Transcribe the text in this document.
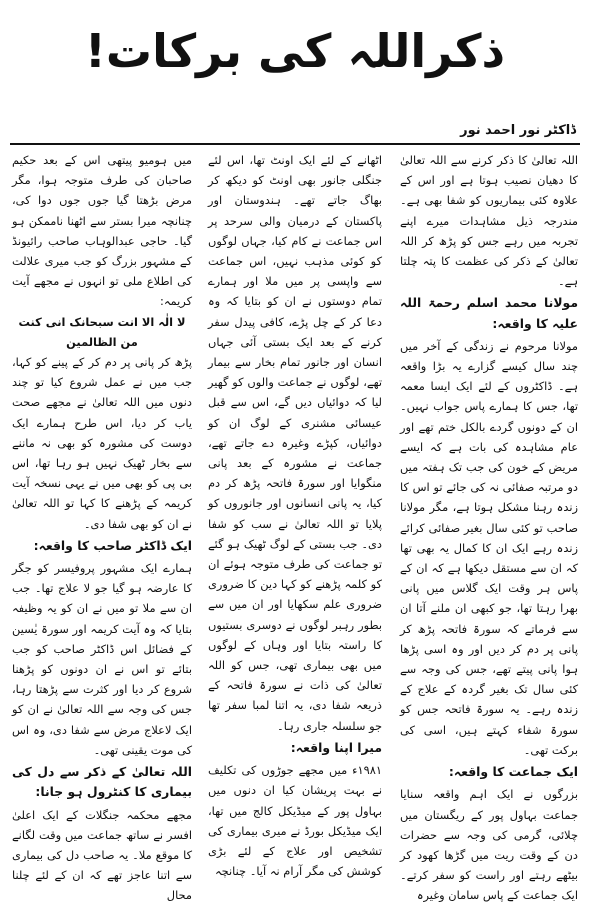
ذکراللہ کی برکات!
ڈاکٹر نور احمد نور

اللہ تعالیٰ کا ذکر کرنے سے اللہ تعالیٰ کا دھیان نصیب ہوتا ہے اور اس کے علاوہ کئی بیماریوں کو شفا بھی ہے۔ مندرجہ ذیل مشاہدات میرے اپنے تجربہ میں رہے جس کو پڑھ کر اللہ تعالیٰ کے ذکر کی عظمت کا پتہ چلتا ہے۔

مولانا محمد اسلم رحمۃ اللہ علیہ کا واقعہ:

مولانا مرحوم نے زندگی کے آخر میں چند سال کیسے گزارے یہ بڑا واقعہ ہے۔ ڈاکٹروں کے لئے ایک ایسا معمہ تھا، جس کا ہمارے پاس جواب نہیں۔ ان کے دونوں گردے بالکل ختم تھے اور عام مشاہدہ کی بات ہے کہ ایسے مریض کے خون کی جب تک ہفتہ میں دو مرتبہ صفائی نہ کی جائے تو اس کا زندہ رہنا مشکل ہوتا ہے، مگر مولانا صاحب تو کئی سال بغیر صفائی کرائے زندہ رہے ایک ان کا کمال یہ بھی تھا کہ ان سے مستقل دیکھا ہے کہ ان کے پاس ہر وقت ایک گلاس میں پانی بھرا رہتا تھا، جو کبھی ان ملنے آتا ان سے فرماتے کہ سورۃ فاتحہ پڑھ کر پانی پر دم کر دیں اور وہ اسی پڑھا ہوا پانی پیتے تھے، جس کی وجہ سے کئی سال تک بغیر گردہ کے علاج کے زندہ رہے۔ یہ سورۃ فاتحہ جس کو سورۃ شفاء کہتے ہیں، اسی کی برکت تھی۔

ایک جماعت کا واقعہ:

بزرگوں نے ایک اہم واقعہ سنایا جماعت بہاول پور کے ریگستان میں چلائی، گرمی کی وجہ سے حضرات دن کے وقت ریت میں گڑھا کھود کر بیٹھے رہتے اور راست کو سفر کرتے۔ ایک جماعت کے پاس سامان وغیرہ

اٹھانے کے لئے ایک اونٹ تھا، اس لئے جنگلی جانور بھی اونٹ کو دیکھ کر بھاگ جاتے تھے۔ ہندوستان اور پاکستان کے درمیان والی سرحد پر اس جماعت نے کام کیا، جہاں لوگوں کو کوئی مذہب نہیں، اس جماعت سے واپسی پر میں ملا اور ہمارے تمام دوستوں نے ان کو بتایا کہ وہ دعا کر کے چل پڑے، کافی پیدل سفر کرنے کے بعد ایک بستی آئی جہاں انسان اور جانور تمام بخار سے بیمار تھے، لوگوں نے جماعت والوں کو گھیر لیا کہ دوائیاں دیں گے، اس سے قبل عیسائی مشنری کے لوگ ان کو دوائیاں، کپڑے وغیرہ دے جاتے تھے، جماعت نے مشورہ کے بعد پانی منگوایا اور سورۃ فاتحہ پڑھ کر دم کیا، یہ پانی انسانوں اور جانوروں کو پلایا تو اللہ تعالیٰ نے سب کو شفا دی۔ جب بستی کے لوگ ٹھیک ہو گئے تو جماعت کی طرف متوجہ ہوئے ان کو کلمہ پڑھنے کو کہا دین کا ضروری ضروری علم سکھایا اور ان میں سے بطور رہبر لوگوں نے دوسری بستیوں کا راستہ بتایا اور وہاں کے لوگوں میں بھی بیماری تھی، جس کو اللہ تعالیٰ کی ذات نے سورۃ فاتحہ کے ذریعہ شفا دی، یہ اتنا لمبا سفر تھا جو سلسلہ جاری رہا۔

میرا اپنا واقعہ:

۱۹۸۱ء میں مجھے جوڑوں کی تکلیف نے بہت پریشان کیا ان دنوں میں بہاول پور کے میڈیکل کالج میں تھا، ایک میڈیکل بورڈ نے میری بیماری کی تشخیص اور علاج کے لئے بڑی کوشش کی مگر آرام نہ آیا۔ چنانچہ

میں ہومیو پیتھی اس کے بعد حکیم صاحبان کی طرف متوجہ ہوا، مگر مرض بڑھتا گیا جوں جوں دوا کی، چنانچہ میرا بستر سے اٹھنا ناممکن ہو گیا۔ حاجی عبدالوہاب صاحب رائیونڈ کے مشہور بزرگ کو جب میری علالت کی اطلاع ملی تو انہوں نے مجھے آیت کریمہ:

لا الٰہ الا انت سبحانک انی کنت من الظالمین

پڑھ کر پانی پر دم کر کے پینے کو کہا، جب میں نے عمل شروع کیا تو چند دنوں میں اللہ تعالیٰ نے مجھے صحت یاب کر دیا، اس طرح ہمارے ایک دوست کی مشورہ کو بھی نہ ماننے سے بخار ٹھیک نہیں ہو رہا تھا، اس بی پی کو بھی میں نے یہی نسخہ آیت کریمہ کے پڑھنے کا کہا تو اللہ تعالیٰ نے ان کو بھی شفا دی۔

ایک ڈاکٹر صاحب کا واقعہ:

ہمارے ایک مشہور پروفیسر کو جگر کا عارضہ ہو گیا جو لا علاج تھا۔ جب ان سے ملا تو میں نے ان کو یہ وظیفہ بتایا کہ وہ آیت کریمہ اور سورۃ یٰسین کے فضائل اس ڈاکٹر صاحب کو جب بتائے تو اس نے ان دونوں کو پڑھنا شروع کر دیا اور کثرت سے پڑھتا رہا، جس کی وجہ سے اللہ تعالیٰ نے ان کو ایک لاعلاج مرض سے شفا دی، وہ اس کی موت یقینی تھی۔

اللہ تعالیٰ کے ذکر سے دل کی بیماری کا کنٹرول ہو جانا:

مجھے محکمہ جنگلات کے ایک اعلیٰ افسر نے ساتھ جماعت میں وقت لگانے کا موقع ملا۔ یہ صاحب دل کی بیماری سے اتنا عاجز تھے کہ ان کے لئے چلنا محال
